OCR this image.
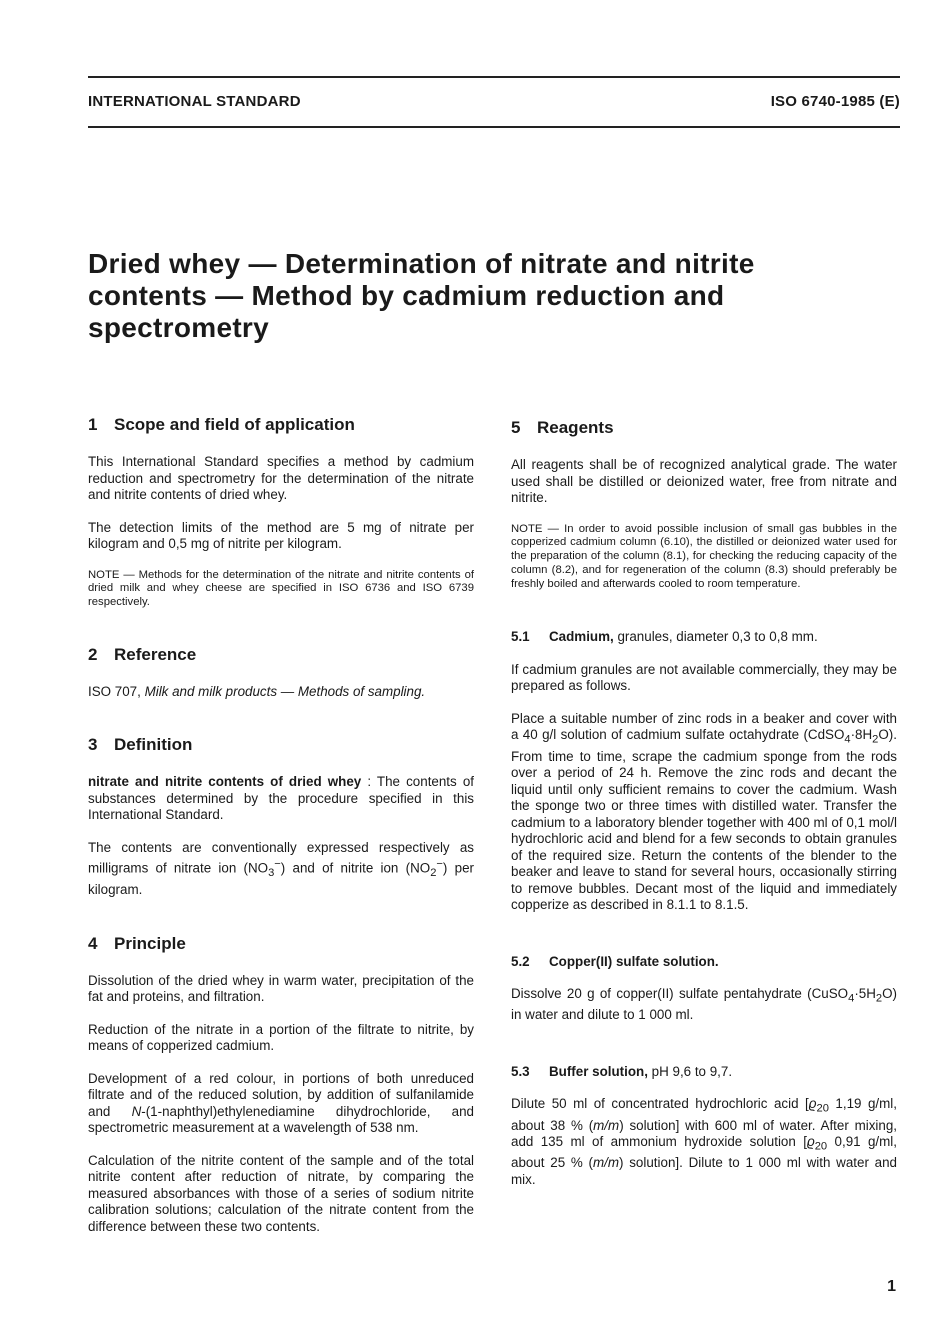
INTERNATIONAL STANDARD	ISO 6740-1985 (E)
Dried whey — Determination of nitrate and nitrite contents — Method by cadmium reduction and spectrometry
1 Scope and field of application

This International Standard specifies a method by cadmium reduction and spectrometry for the determination of the nitrate and nitrite contents of dried whey.

The detection limits of the method are 5 mg of nitrate per kilogram and 0,5 mg of nitrite per kilogram.

NOTE — Methods for the determination of the nitrate and nitrite contents of dried milk and whey cheese are specified in ISO 6736 and ISO 6739 respectively.

2 Reference

ISO 707, Milk and milk products — Methods of sampling.

3 Definition

nitrate and nitrite contents of dried whey : The contents of substances determined by the procedure specified in this International Standard.

The contents are conventionally expressed respectively as milligrams of nitrate ion $(NO_3^-)$ and of nitrite ion $(NO_2^-)$ per kilogram.

4 Principle

Dissolution of the dried whey in warm water, precipitation of the fat and proteins, and filtration.

Reduction of the nitrate in a portion of the filtrate to nitrite, by means of copperized cadmium.

Development of a red colour, in portions of both unreduced filtrate and of the reduced solution, by addition of sulfanilamide and N-(1-naphthyl)ethylenediamine dihydrochloride, and spectrometric measurement at a wavelength of 538 nm.

Calculation of the nitrite content of the sample and of the total nitrite content after reduction of nitrate, by comparing the measured absorbances with those of a series of sodium nitrite calibration solutions; calculation of the nitrate content from the difference between these two contents.

5 Reagents

All reagents shall be of recognized analytical grade. The water used shall be distilled or deionized water, free from nitrate and nitrite.

NOTE — In order to avoid possible inclusion of small gas bubbles in the copperized cadmium column (6.10), the distilled or deionized water used for the preparation of the column (8.1), for checking the reducing capacity of the column (8.2), and for regeneration of the column (8.3) should preferably be freshly boiled and afterwards cooled to room temperature.

5.1 Cadmium, granules, diameter 0,3 to 0,8 mm.

If cadmium granules are not available commercially, they may be prepared as follows.

Place a suitable number of zinc rods in a beaker and cover with a 40 g/l solution of cadmium sulfate octahydrate $(CdSO_4\cdot 8H_2O)$. From time to time, scrape the cadmium sponge from the rods over a period of 24 h. Remove the zinc rods and decant the liquid until only sufficient remains to cover the cadmium. Wash the sponge two or three times with distilled water. Transfer the cadmium to a laboratory blender together with 400 ml of 0,1 mol/l hydrochloric acid and blend for a few seconds to obtain granules of the required size. Return the contents of the blender to the beaker and leave to stand for several hours, occasionally stirring to remove bubbles. Decant most of the liquid and immediately copperize as described in 8.1.1 to 8.1.5.

5.2 Copper(II) sulfate solution.

Dissolve 20 g of copper(II) sulfate pentahydrate $(CuSO_4\cdot 5H_2O)$ in water and dilute to 1 000 ml.

5.3 Buffer solution, pH 9,6 to 9,7.

Dilute 50 ml of concentrated hydrochloric acid [$ϱ_{20}$ 1,19 g/ml, about 38 % (m/m) solution] with 600 ml of water. After mixing, add 135 ml of ammonium hydroxide solution [$ϱ_{20}$ 0,91 g/ml, about 25 % (m/m) solution]. Dilute to 1 000 ml with water and mix.

1
